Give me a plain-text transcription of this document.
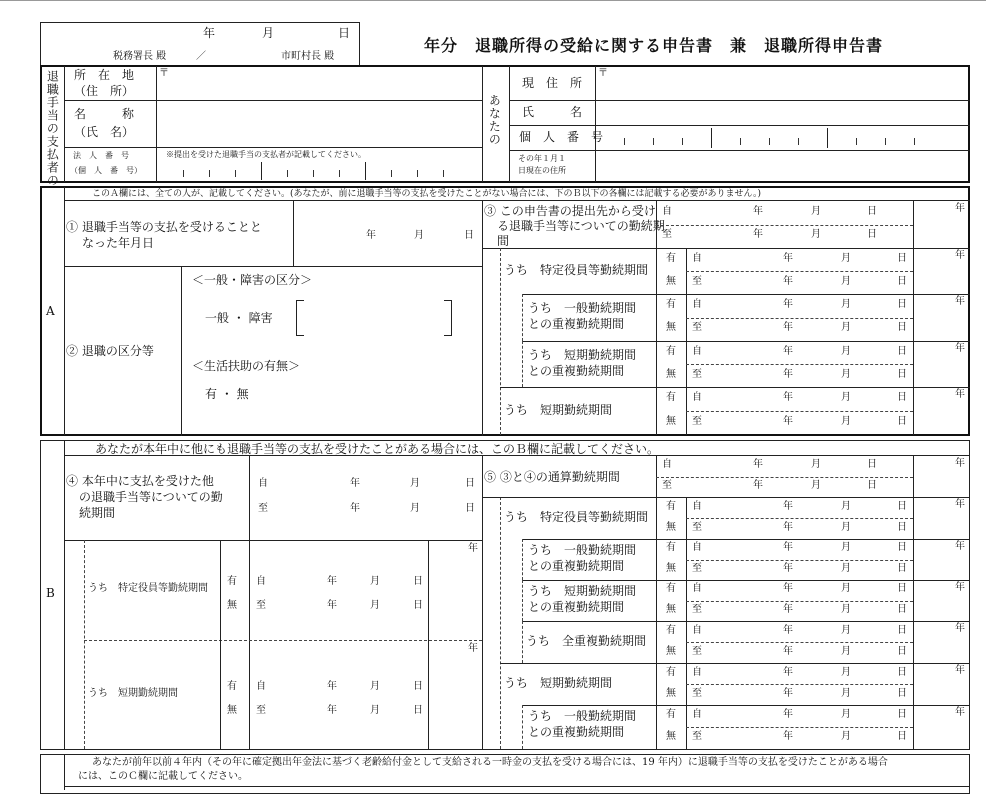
年	月	日
税務署長 殿	／	市町村長 殿
年分　退職所得の受給に関する申告書　兼　退職所得申告書
退職手当の支払者の 所　在　地
（住　所）
〒
名　　　称
（氏　名）
法　人　番　号
（個　人　番　号）
※提出を受けた退職手当の支払者が記載してください。
あなたの
現　住　所
〒
氏　　　名
個　人　番　号
その年１月１
日現在の住所
A
このＡ欄には、全ての人が、記載してください。(あなたが、前に退職手当等の支払を受けたことがない場合には、下のＢ以下の各欄には記載する必要がありません。)
① 退職手当等の支払を受けることと
なった年月日
年	月	日
② 退職の区分等
＜一般・障害の区分＞
一般 ・ 障害
＜生活扶助の有無＞
有 ・ 無
③ この申告書の提出先から受け
る退職手当等についての勤続期
間
自	年	月	日
至	年	月	日
年
うち　特定役員等勤続期間
有
無
自	年	月	日
至	年	月	日
年
うち　一般勤続期間
との重複勤続期間
有
無
自	年	月	日
至	年	月	日
年
うち　短期勤続期間
との重複勤続期間
有
無
自	年	月	日
至	年	月	日
年
うち　短期勤続期間
有
無
自	年	月	日
至	年	月	日
年
B
あなたが本年中に他にも退職手当等の支払を受けたことがある場合には、このＢ欄に記載してください。
④ 本年中に支払を受けた他
の退職手当等についての勤
続期間
自	年	月	日
至	年	月	日
うち　特定役員等勤続期間
有
無
自	年	月	日
至	年	月	日
年
うち　短期勤続期間
有
無
自	年	月	日
至	年	月	日
年
⑤ ③と④の通算勤続期間
自	年	月	日
至	年	月	日
年
うち　特定役員等勤続期間
有
無
自	年	月	日
至	年	月	日
年
うち　一般勤続期間
との重複勤続期間
有
無
自	年	月	日
至	年	月	日
年
うち　短期勤続期間
との重複勤続期間
有
無
自	年	月	日
至	年	月	日
年
うち　全重複勤続期間
有
無
自	年	月	日
至	年	月	日
年
うち　短期勤続期間
有
無
自	年	月	日
至	年	月	日
年
うち　一般勤続期間
との重複勤続期間
有
無
自	年	月	日
至	年	月	日
年
あなたが前年以前４年内（その年に確定拠出年金法に基づく老齢給付金として支給される一時金の支払を受ける場合には、19 年内）に退職手当等の支払を受けたことがある場合
には、このＣ欄に記載してください。
